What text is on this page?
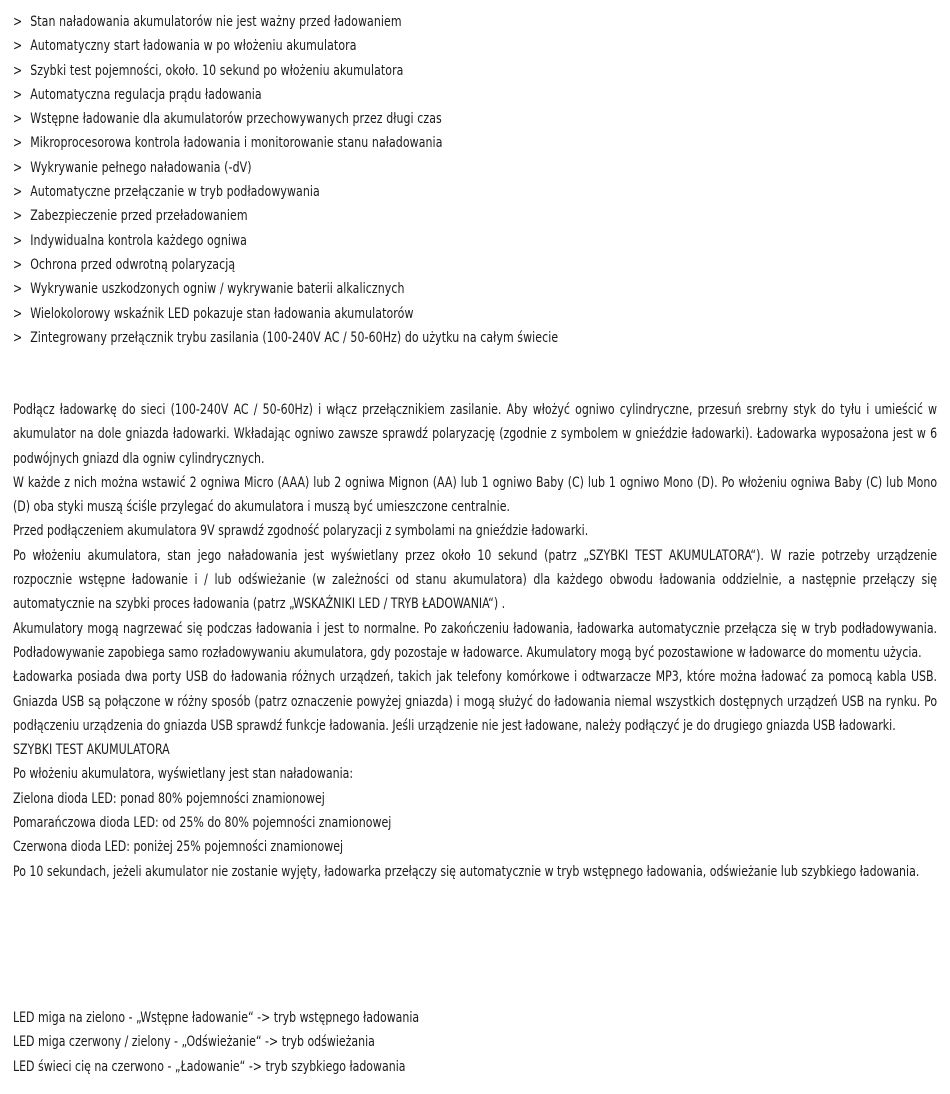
> Stan naładowania akumulatorów nie jest ważny przed ładowaniem
> Automatyczny start ładowania w po włożeniu akumulatora
> Szybki test pojemności, około. 10 sekund po włożeniu akumulatora
> Automatyczna regulacja prądu ładowania
> Wstępne ładowanie dla akumulatorów przechowywanych przez długi czas
> Mikroprocesorowa kontrola ładowania i monitorowanie stanu naładowania
> Wykrywanie pełnego naładowania (-dV)
> Automatyczne przełączanie w tryb podładowywania
> Zabezpieczenie przed przeładowaniem
> Indywidualna kontrola każdego ogniwa
> Ochrona przed odwrotną polaryzacją
> Wykrywanie uszkodzonych ogniw / wykrywanie baterii alkalicznych
> Wielokolorowy wskaźnik LED pokazuje stan ładowania akumulatorów
> Zintegrowany przełącznik trybu zasilania (100-240V AC / 50-60Hz) do użytku na całym świecie

Podłącz ładowarkę do sieci (100-240V AC / 50-60Hz) i włącz przełącznikiem zasilanie. Aby włożyć ogniwo cylindryczne, przesuń srebrny styk do tyłu i umieścić w akumulator na dole gniazda ładowarki. Wkładając ogniwo zawsze sprawdź polaryzację (zgodnie z symbolem w gnieździe ładowarki). Ładowarka wyposażona jest w 6 podwójnych gniazd dla ogniw cylindrycznych.

W każde z nich można wstawić 2 ogniwa Micro (AAA) lub 2 ogniwa Mignon (AA) lub 1 ogniwo Baby (C) lub 1 ogniwo Mono (D). Po włożeniu ogniwa Baby (C) lub Mono (D) oba styki muszą ściśle przylegać do akumulatora i muszą być umieszczone centralnie.

Przed podłączeniem akumulatora 9V sprawdź zgodność polaryzacji z symbolami na gnieździe ładowarki.

Po włożeniu akumulatora, stan jego naładowania jest wyświetlany przez około 10 sekund (patrz „SZYBKI TEST AKUMULATORA“). W razie potrzeby urządzenie rozpocznie wstępne ładowanie i / lub odświeżanie (w zależności od stanu akumulatora) dla każdego obwodu ładowania oddzielnie, a następnie przełączy się automatycznie na szybki proces ładowania (patrz „WSKAŹNIKI LED / TRYB ŁADOWANIA“) .

Akumulatory mogą nagrzewać się podczas ładowania i jest to normalne. Po zakończeniu ładowania, ładowarka automatycznie przełącza się w tryb podładowywania. Podładowywanie zapobiega samo rozładowywaniu akumulatora, gdy pozostaje w ładowarce. Akumulatory mogą być pozostawione w ładowarce do momentu użycia.

Ładowarka posiada dwa porty USB do ładowania różnych urządzeń, takich jak telefony komórkowe i odtwarzacze MP3, które można ładować za pomocą kabla USB. Gniazda USB są połączone w różny sposób (patrz oznaczenie powyżej gniazda) i mogą służyć do ładowania niemal wszystkich dostępnych urządzeń USB na rynku. Po podłączeniu urządzenia do gniazda USB sprawdź funkcje ładowania. Jeśli urządzenie nie jest ładowane, należy podłączyć je do drugiego gniazda USB ładowarki.

SZYBKI TEST AKUMULATORA

Po włożeniu akumulatora, wyświetlany jest stan naładowania:

Zielona dioda LED: ponad 80% pojemności znamionowej

Pomarańczowa dioda LED: od 25% do 80% pojemności znamionowej

Czerwona dioda LED: poniżej 25% pojemności znamionowej

Po 10 sekundach, jeżeli akumulator nie zostanie wyjęty, ładowarka przełączy się automatycznie w tryb wstępnego ładowania, odświeżanie lub szybkiego ładowania.

LED miga na zielono - „Wstępne ładowanie“ -> tryb wstępnego ładowania
LED miga czerwony / zielony - „Odświeżanie“ -> tryb odświeżania
LED świeci cię na czerwono - „Ładowanie“ -> tryb szybkiego ładowania
